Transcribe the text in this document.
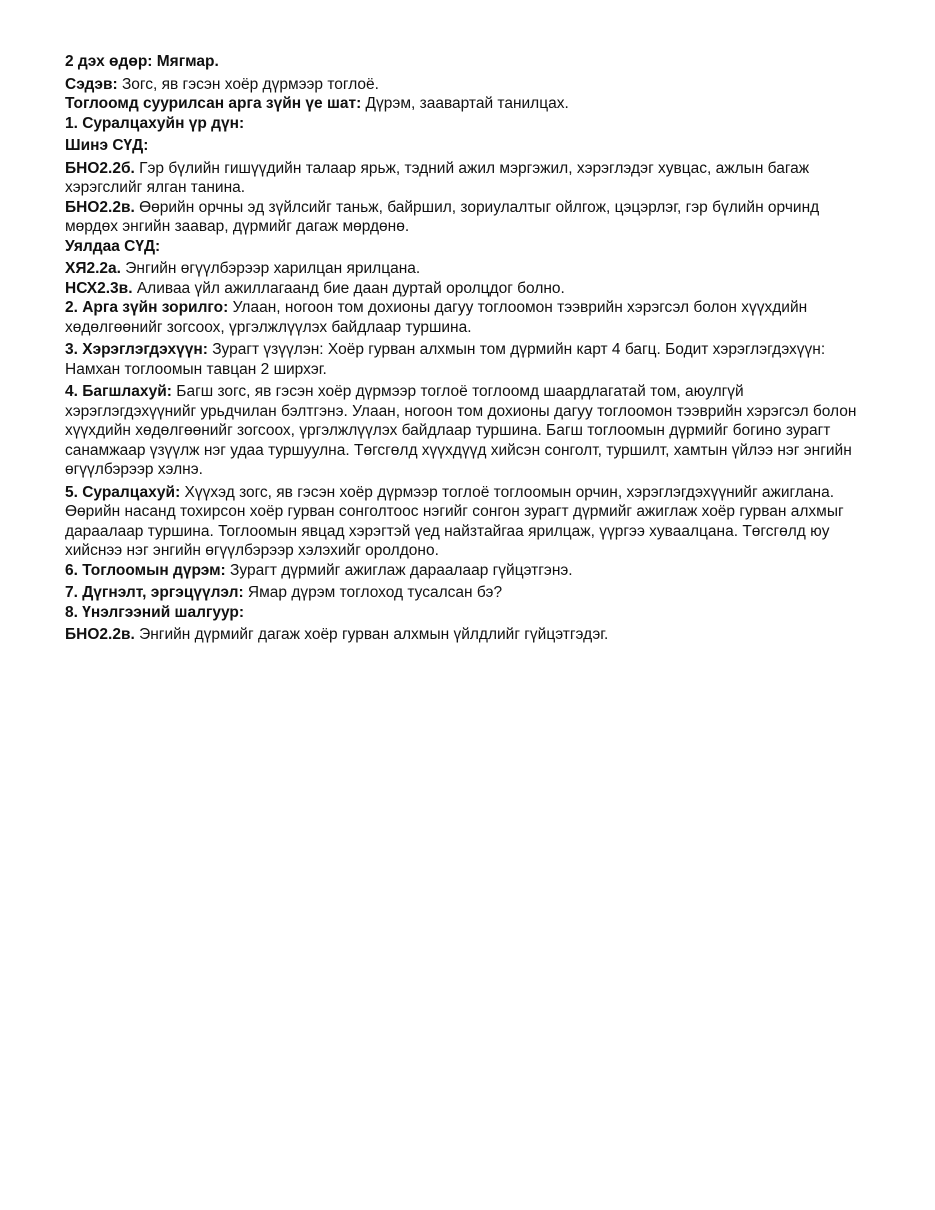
2 дэх өдөр: Мягмар.

Сэдэв: Зогс, яв гэсэн хоёр дүрмээр тоглоё.

Тоглоомд суурилсан арга зүйн үе шат: Дүрэм, заавартай танилцах.

1. Суралцахуйн үр дүн:

Шинэ СҮД:

БНО2.2б. Гэр бүлийн гишүүдийн талаар ярьж, тэдний ажил мэргэжил, хэрэглэдэг хувцас, ажлын багаж хэрэгслийг ялган танина.

БНО2.2в. Өөрийн орчны эд зүйлсийг таньж, байршил, зориулалтыг ойлгож, цэцэрлэг, гэр бүлийн орчинд мөрдөх энгийн заавар, дүрмийг дагаж мөрдөнө.

Уялдаа СҮД:

ХЯ2.2а. Энгийн өгүүлбэрээр харилцан ярилцана.

НСХ2.3в. Аливаа үйл ажиллагаанд бие даан дуртай оролцдог болно.

2. Арга зүйн зорилго: Улаан, ногоон том дохионы дагуу тоглоомон тээврийн хэрэгсэл болон хүүхдийн хөдөлгөөнийг зогсоох, үргэлжлүүлэх байдлаар туршина.

3. Хэрэглэгдэхүүн: Зурагт үзүүлэн: Хоёр гурван алхмын том дүрмийн карт 4 багц. Бодит хэрэглэгдэхүүн: Намхан тоглоомын тавцан 2 ширхэг.

4. Багшлахуй: Багш зогс, яв гэсэн хоёр дүрмээр тоглоё тоглоомд шаардлагатай том, аюулгүй хэрэглэгдэхүүнийг урьдчилан бэлтгэнэ. Улаан, ногоон том дохионы дагуу тоглоомон тээврийн хэрэгсэл болон хүүхдийн хөдөлгөөнийг зогсоох, үргэлжлүүлэх байдлаар туршина. Багш тоглоомын дүрмийг богино зурагт санамжаар үзүүлж нэг удаа туршуулна. Төгсгөлд хүүхдүүд хийсэн сонголт, туршилт, хамтын үйлээ нэг энгийн өгүүлбэрээр хэлнэ.

5. Суралцахуй: Хүүхэд зогс, яв гэсэн хоёр дүрмээр тоглоё тоглоомын орчин, хэрэглэгдэхүүнийг ажиглана. Өөрийн насанд тохирсон хоёр гурван сонголтоос нэгийг сонгон зурагт дүрмийг ажиглаж хоёр гурван алхмыг дараалаар туршина. Тоглоомын явцад хэрэгтэй үед найзтайгаа ярилцаж, үүргээ хуваалцана. Төгсгөлд юу хийснээ нэг энгийн өгүүлбэрээр хэлэхийг оролдоно.

6. Тоглоомын дүрэм: Зурагт дүрмийг ажиглаж дараалаар гүйцэтгэнэ.

7. Дүгнэлт, эргэцүүлэл: Ямар дүрэм тоглоход тусалсан бэ?

8. Үнэлгээний шалгуур:

БНО2.2в. Энгийн дүрмийг дагаж хоёр гурван алхмын үйлдлийг гүйцэтгэдэг.
